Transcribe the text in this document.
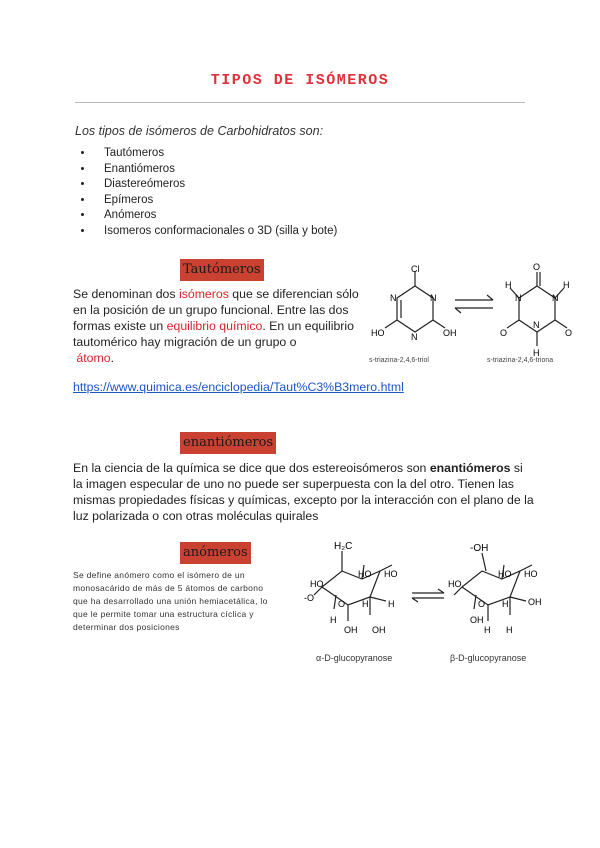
TIPOS DE ISÓMEROS
Los tipos de isómeros de Carbohidratos son:
• Tautómeros
• Enantiómeros
• Diastereómeros
• Epímeros
• Anómeros
• Isomeros conformacionales o 3D (silla y bote)
Tautómeros
Se denominan dos isómeros que se diferencian sólo
en la posición de un grupo funcional. Entre las dos
formas existe un equilibrio químico. En un equilibrio
tautomérico hay migración de un grupo o
átomo.
Cl
N
N
N	OH
HO
O
O	O
N	N
N
H	H
H
s-triazina-2,4,6-triol	s-triazina-2,4,6-triona
https://www.quimica.es/enciclopedia/Taut%C3%B3mero.html
enantiómeros
En la ciencia de la química se dice que dos estereoisómeros son enantiómeros si
la imagen especular de uno no puede ser superpuesta con la del otro. Tienen las
mismas propiedades físicas y químicas, excepto por la interacción con el plano de la
luz polarizada o con otras moléculas quirales
anómeros
Se define anómero como el isómero de un
monosacárido de más de 5 átomos de carbono
que ha desarrollado una unión hemiacetálica, lo
que le permite tomar una estructura cíclica y
determinar dos posiciones
H₂C
HO
-O
HO HO
H
O H
H
OH OH
-OH
HO
HO HO
OH
O H
OH
H H
α-D-glucopyranose	β-D-glucopyranose
